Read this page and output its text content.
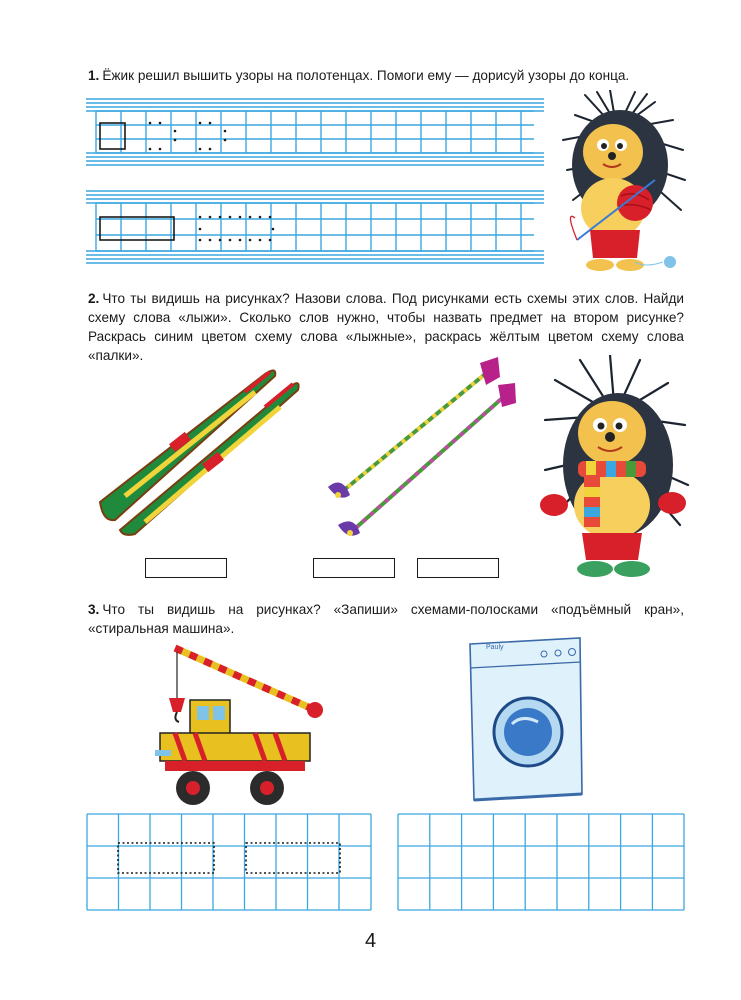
1. Ёжик решил вышить узоры на полотенцах. Помоги ему — дорисуй узоры до конца.
2. Что ты видишь на рисунках? Назови слова. Под рисунками есть схемы этих слов. Найди схему слова «лыжи». Сколько слов нужно, чтобы назвать предмет на втором рисунке? Раскрась синим цветом схему слова «лыжные», раскрась жёлтым цветом схему слова «палки».
3. Что ты видишь на рисунках? «Запиши» схемами-полосками «подъёмный кран», «стиральная машина».
Pauly
4
